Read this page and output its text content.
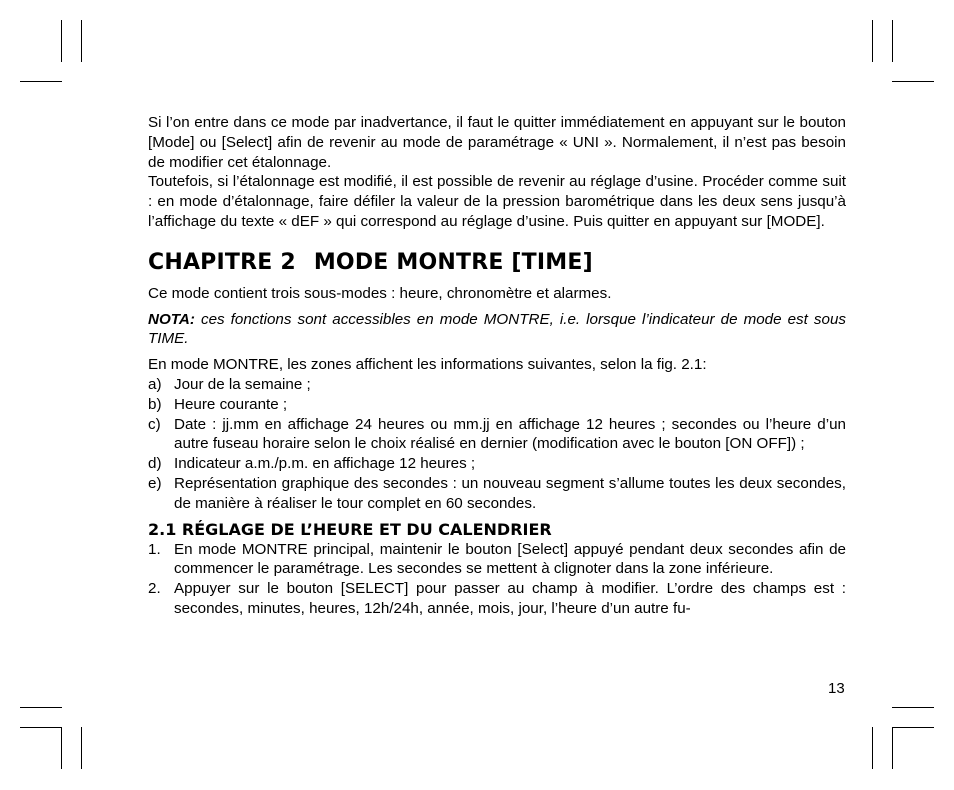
Si l’on entre dans ce mode par inadvertance, il faut le quitter immédiatement en appuyant sur le bouton [Mode] ou [Select] afin de revenir au mode de paramétrage « UNI ». Normalement, il n’est pas besoin de modifier cet étalonnage.

Toutefois, si l’étalonnage est modifié, il est possible de revenir au réglage d’usine. Procéder comme suit : en mode d’étalonnage, faire défiler la valeur de la pression barométrique dans les deux sens jusqu’à l’affichage du texte « dEF » qui correspond au réglage d’usine. Puis quitter en appuyant sur [MODE].

CHAPITRE 2 MODE MONTRE [TIME]

Ce mode contient trois sous-modes : heure, chronomètre et alarmes.

NOTA: ces fonctions sont accessibles en mode MONTRE, i.e. lorsque l’indicateur de mode est sous TIME.

En mode MONTRE, les zones affichent les informations suivantes, selon la fig. 2.1:

a) Jour de la semaine ;
b) Heure courante ;
c) Date : jj.mm en affichage 24 heures ou mm.jj en affichage 12 heures ; secondes ou l’heure d’un autre fuseau horaire selon le choix réalisé en dernier (modification avec le bouton [ON OFF]) ;
d) Indicateur a.m./p.m. en affichage 12 heures ;
e) Représentation graphique des secondes : un nouveau segment s’allume toutes les deux secondes, de manière à réaliser le tour complet en 60 secondes.
2.1 RÉGLAGE DE L’HEURE ET DU CALENDRIER
1. En mode MONTRE principal, maintenir le bouton [Select] appuyé pendant deux secondes afin de commencer le paramétrage. Les secondes se mettent à clignoter dans la zone inférieure.
2. Appuyer sur le bouton [SELECT] pour passer au champ à modifier. L’ordre des champs est : secondes, minutes, heures, 12h/24h, année, mois, jour, l’heure d’un autre fu-
13
